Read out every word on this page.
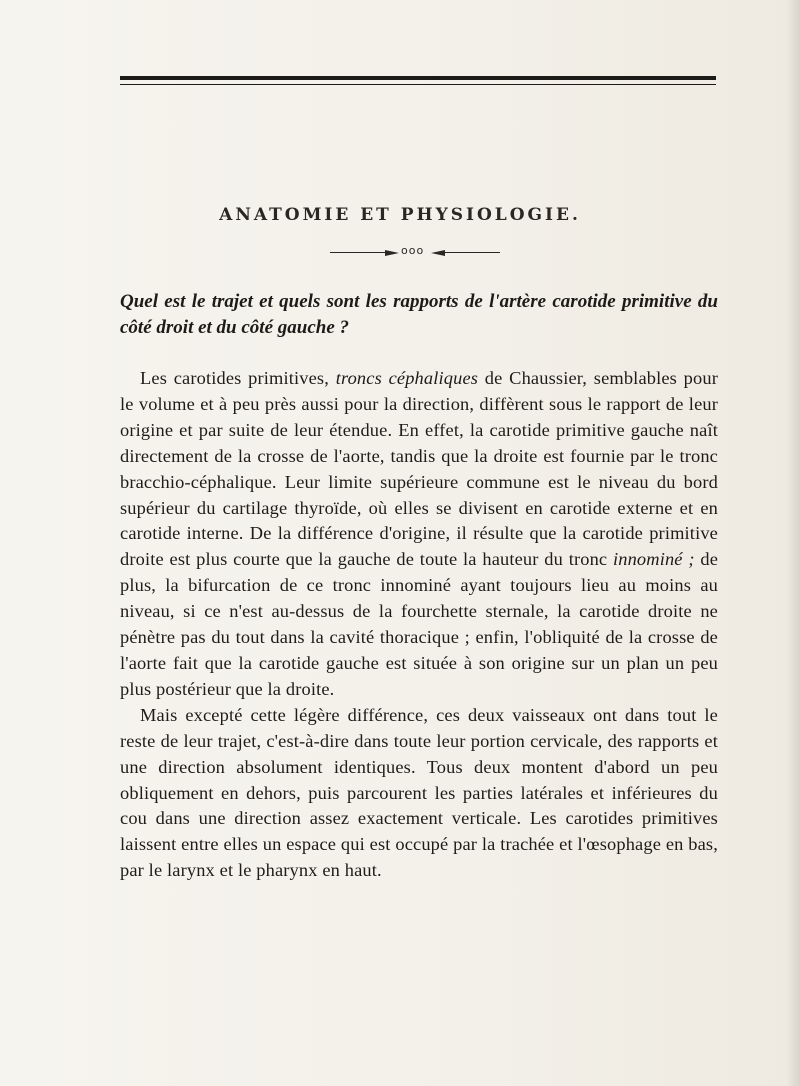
ANATOMIE ET PHYSIOLOGIE.
ooo
Quel est le trajet et quels sont les rapports de l'artère carotide primitive du côté droit et du côté gauche ?

Les carotides primitives, troncs céphaliques de Chaussier, semblables pour le volume et à peu près aussi pour la direction, diffèrent sous le rapport de leur origine et par suite de leur étendue. En effet, la carotide primitive gauche naît directement de la crosse de l'aorte, tandis que la droite est fournie par le tronc bracchio-céphalique. Leur limite supérieure commune est le niveau du bord supérieur du cartilage thyroïde, où elles se divisent en carotide externe et en carotide interne. De la différence d'origine, il résulte que la carotide primitive droite est plus courte que la gauche de toute la hauteur du tronc innominé ; de plus, la bifurcation de ce tronc innominé ayant toujours lieu au moins au niveau, si ce n'est au-dessus de la fourchette sternale, la carotide droite ne pénètre pas du tout dans la cavité thoracique ; enfin, l'obliquité de la crosse de l'aorte fait que la carotide gauche est située à son origine sur un plan un peu plus postérieur que la droite.

Mais excepté cette légère différence, ces deux vaisseaux ont dans tout le reste de leur trajet, c'est-à-dire dans toute leur portion cervicale, des rapports et une direction absolument identiques. Tous deux montent d'abord un peu obliquement en dehors, puis parcourent les parties latérales et inférieures du cou dans une direction assez exactement verticale. Les carotides primitives laissent entre elles un espace qui est occupé par la trachée et l'œsophage en bas, par le larynx et le pharynx en haut.
